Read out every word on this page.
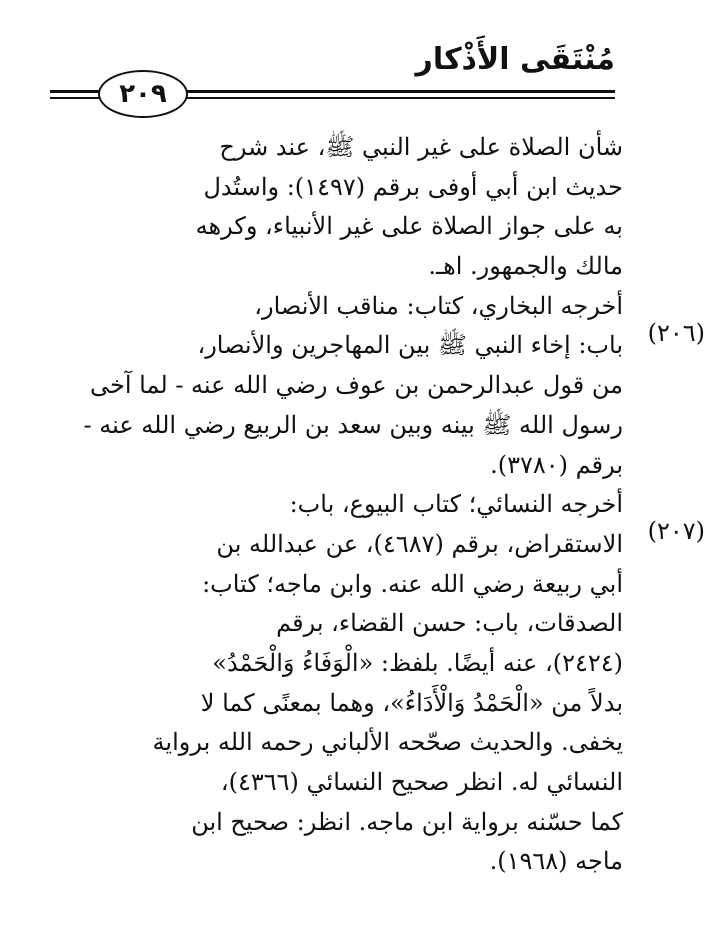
مُنْتَقَى الأَذْكار
٢٠٩
شأن الصلاة على غير النبي ﷺ، عند شرح
حديث ابن أبي أوفى برقم (١٤٩٧): واستُدل
به على جواز الصلاة على غير الأنبياء، وكرهه
مالك والجمهور. اهـ.
(٢٠٦)
أخرجه البخاري، كتاب: مناقب الأنصار،
باب: إخاء النبي ﷺ بين المهاجرين والأنصار،
من قول عبدالرحمن بن عوف رضي الله عنه - لما آخى
رسول الله ﷺ بينه وبين سعد بن الربيع رضي الله عنه -
برقم (٣٧٨٠).
(٢٠٧)
أخرجه النسائي؛ كتاب البيوع، باب:
الاستقراض، برقم (٤٦٨٧)، عن عبدالله بن
أبي ربيعة رضي الله عنه. وابن ماجه؛ كتاب:
الصدقات، باب: حسن القضاء، برقم
(٢٤٢٤)، عنه أيضًا. بلفظ: «الْوَفَاءُ وَالْحَمْدُ»
بدلاً من «الْحَمْدُ وَالْأَدَاءُ»، وهما بمعنًى كما لا
يخفى. والحديث صحّحه الألباني رحمه الله برواية
النسائي له. انظر صحيح النسائي (٤٣٦٦)،
كما حسّنه برواية ابن ماجه. انظر: صحيح ابن
ماجه (١٩٦٨).
